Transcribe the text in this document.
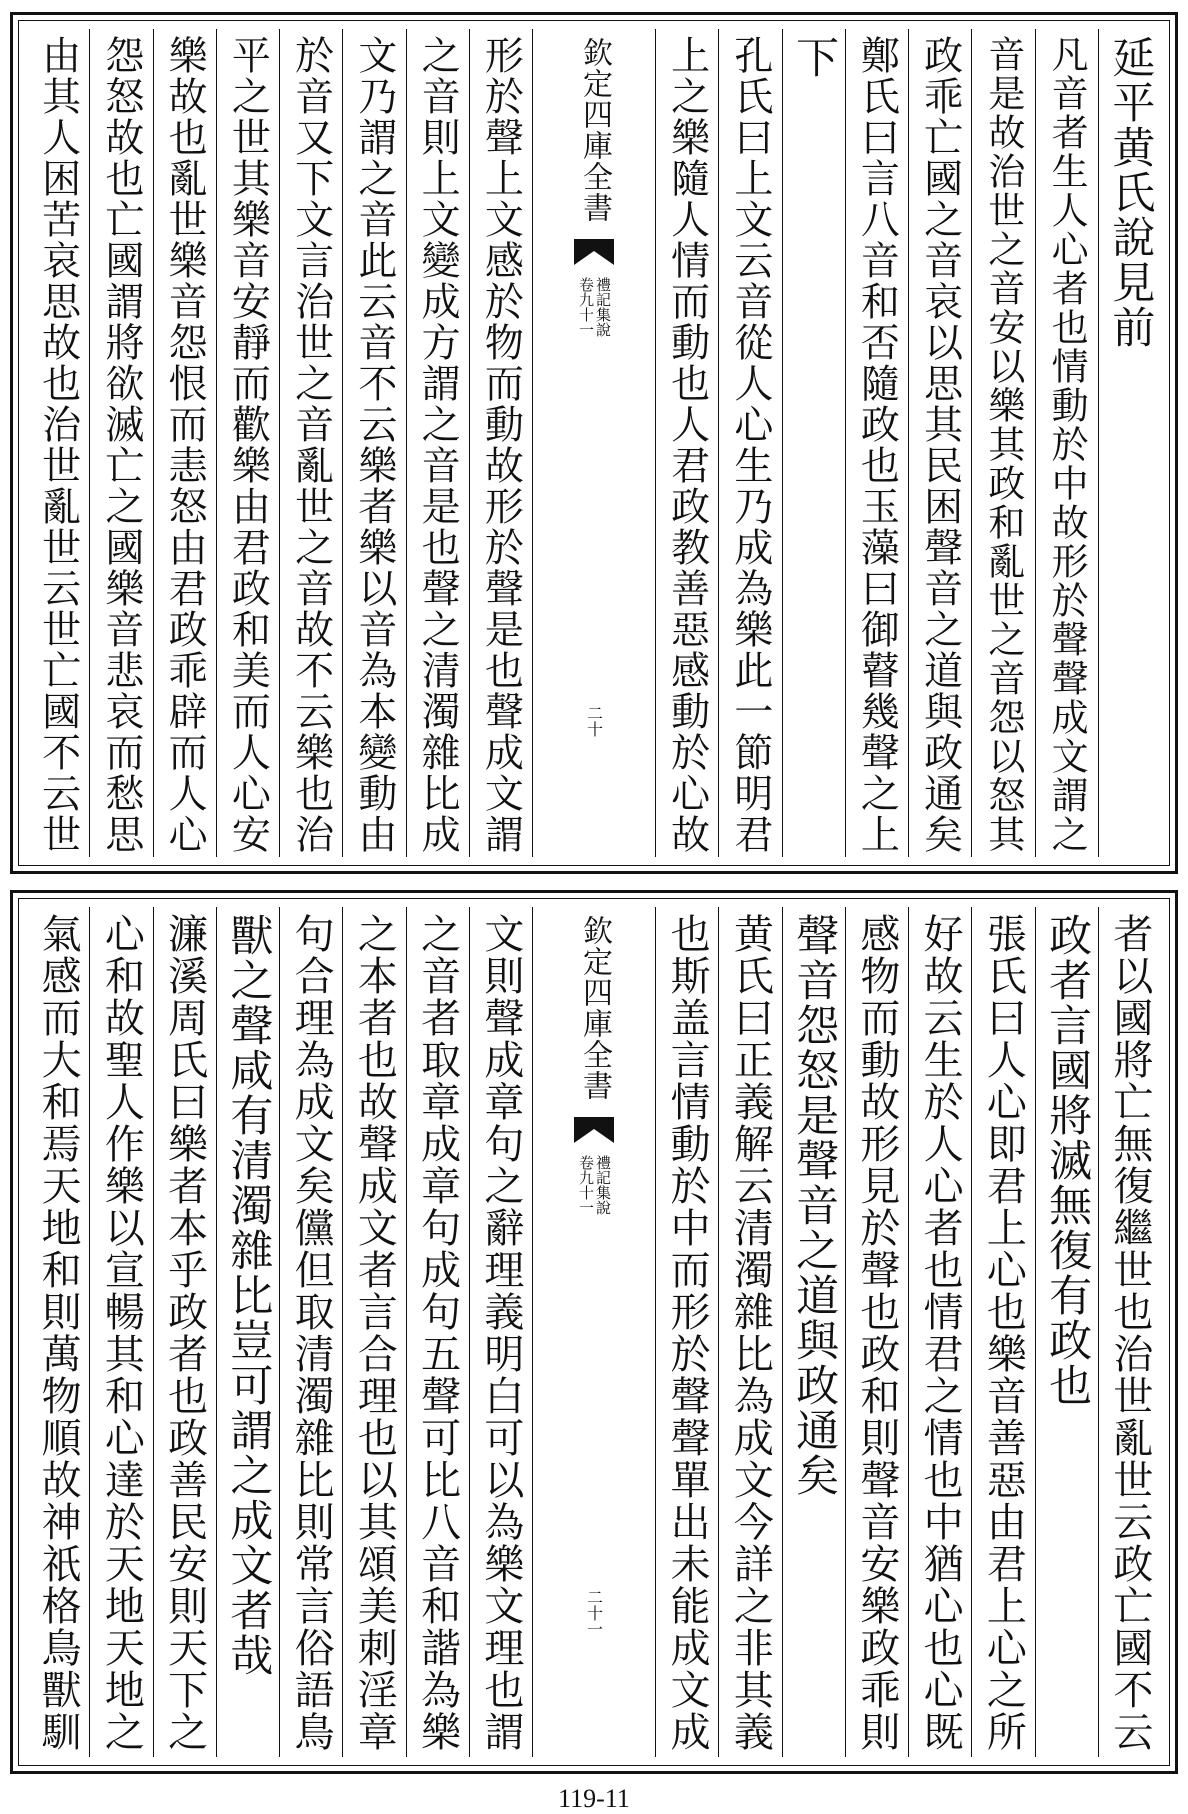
延平黄氏說見前
凡音者生人心者也情動於中故形於聲聲成文謂之
音是故治世之音安以樂其政和亂世之音怨以怒其
政乖亡國之音哀以思其民困聲音之道與政通矣
鄭氏曰言八音和否隨政也玉藻曰御瞽幾聲之上
下
孔氏曰上文云音從人心生乃成為樂此一節明君
上之樂隨人情而動也人君政教善惡感動於心故
欽定四庫全書
禮記集說
卷九十一
二十
形於聲上文感於物而動故形於聲是也聲成文謂
之音則上文變成方謂之音是也聲之清濁雜比成
文乃謂之音此云音不云樂者樂以音為本變動由
於音又下文言治世之音亂世之音故不云樂也治
平之世其樂音安靜而歡樂由君政和美而人心安
樂故也亂世樂音怨恨而恚怒由君政乖辟而人心
怨怒故也亡國謂將欲滅亡之國樂音悲哀而愁思
由其人困苦哀思故也治世亂世云世亡國不云世
者以國將亡無復繼世也治世亂世云政亡國不云
政者言國將滅無復有政也
張氏曰人心即君上心也樂音善惡由君上心之所
好故云生於人心者也情君之情也中猶心也心既
感物而動故形見於聲也政和則聲音安樂政乖則
聲音怨怒是聲音之道與政通矣
黄氏曰正義解云清濁雜比為成文今詳之非其義
也斯盖言情動於中而形於聲聲單出未能成文成
欽定四庫全書
禮記集說
卷九十一
二十一
文則聲成章句之辭理義明白可以為樂文理也謂
之音者取章成章句成句五聲可比八音和諧為樂
之本者也故聲成文者言合理也以其頌美刺淫章
句合理為成文矣儻但取清濁雜比則常言俗語鳥
獸之聲咸有清濁雜比豈可謂之成文者哉
濂溪周氏曰樂者本乎政者也政善民安則天下之
心和故聖人作樂以宣暢其和心達於天地天地之
氣感而大和焉天地和則萬物順故神祇格鳥獸馴
119-11
